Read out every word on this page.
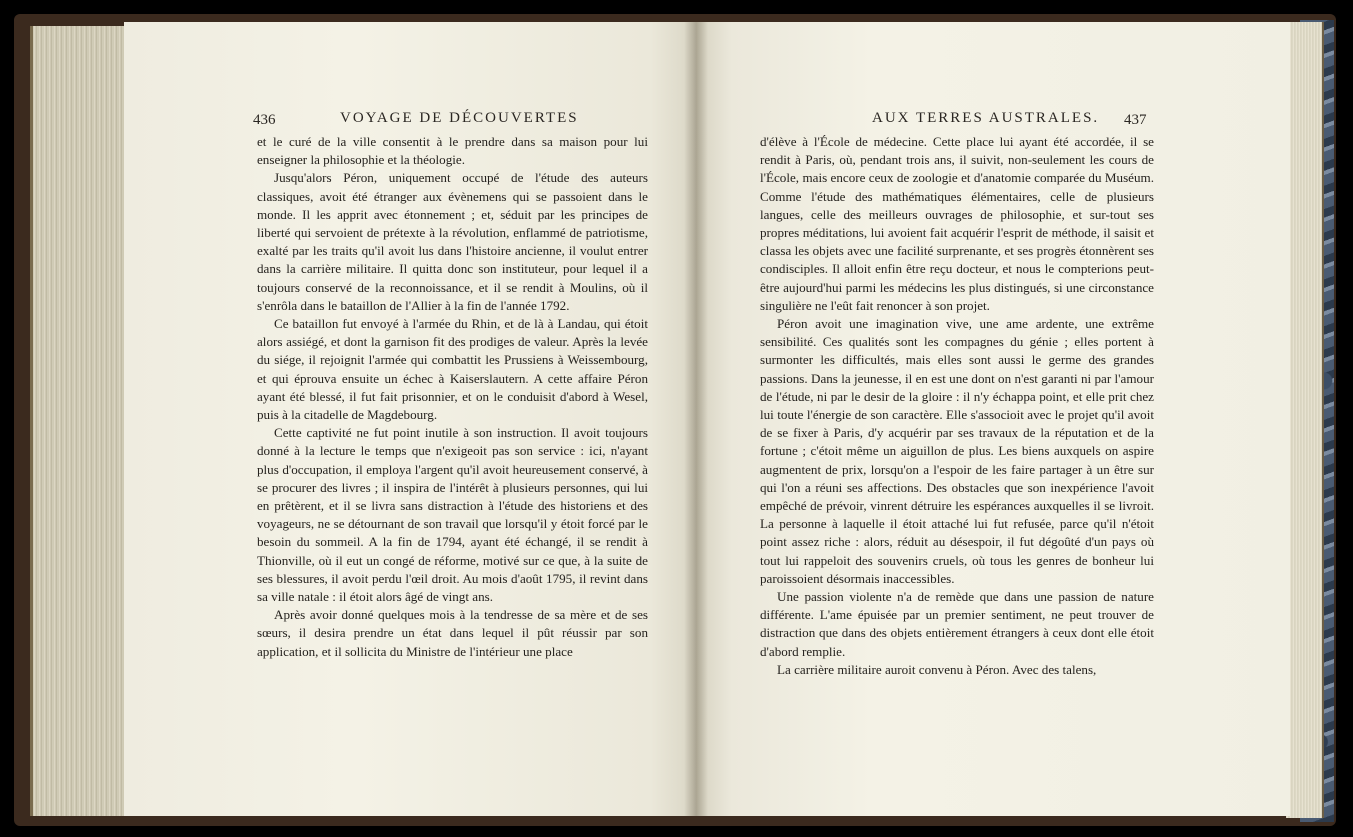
436	VOYAGE DE DÉCOUVERTES

et le curé de la ville consentit à le prendre dans sa maison pour lui enseigner la philosophie et la théologie.

Jusqu'alors Péron, uniquement occupé de l'étude des auteurs classiques, avoit été étranger aux évènemens qui se passoient dans le monde. Il les apprit avec étonnement ; et, séduit par les principes de liberté qui servoient de prétexte à la révolution, enflammé de patriotisme, exalté par les traits qu'il avoit lus dans l'histoire ancienne, il voulut entrer dans la carrière militaire. Il quitta donc son instituteur, pour lequel il a toujours conservé de la reconnoissance, et il se rendit à Moulins, où il s'enrôla dans le bataillon de l'Allier à la fin de l'année 1792.

Ce bataillon fut envoyé à l'armée du Rhin, et de là à Landau, qui étoit alors assiégé, et dont la garnison fit des prodiges de valeur. Après la levée du siége, il rejoignit l'armée qui combattit les Prussiens à Weissembourg, et qui éprouva ensuite un échec à Kaiserslautern. A cette affaire Péron ayant été blessé, il fut fait prisonnier, et on le conduisit d'abord à Wesel, puis à la citadelle de Magdebourg.

Cette captivité ne fut point inutile à son instruction. Il avoit toujours donné à la lecture le temps que n'exigeoit pas son service : ici, n'ayant plus d'occupation, il employa l'argent qu'il avoit heureusement conservé, à se procurer des livres ; il inspira de l'intérêt à plusieurs personnes, qui lui en prêtèrent, et il se livra sans distraction à l'étude des historiens et des voyageurs, ne se détournant de son travail que lorsqu'il y étoit forcé par le besoin du sommeil. A la fin de 1794, ayant été échangé, il se rendit à Thionville, où il eut un congé de réforme, motivé sur ce que, à la suite de ses blessures, il avoit perdu l'œil droit. Au mois d'août 1795, il revint dans sa ville natale : il étoit alors âgé de vingt ans.

Après avoir donné quelques mois à la tendresse de sa mère et de ses sœurs, il desira prendre un état dans lequel il pût réussir par son application, et il sollicita du Ministre de l'intérieur une place

AUX TERRES AUSTRALES. 437

d'élève à l'École de médecine. Cette place lui ayant été accordée, il se rendit à Paris, où, pendant trois ans, il suivit, non-seulement les cours de l'École, mais encore ceux de zoologie et d'anatomie comparée du Muséum. Comme l'étude des mathématiques élémentaires, celle de plusieurs langues, celle des meilleurs ouvrages de philosophie, et sur-tout ses propres méditations, lui avoient fait acquérir l'esprit de méthode, il saisit et classa les objets avec une facilité surprenante, et ses progrès étonnèrent ses condisciples. Il alloit enfin être reçu docteur, et nous le compterions peut-être aujourd'hui parmi les médecins les plus distingués, si une circonstance singulière ne l'eût fait renoncer à son projet.

Péron avoit une imagination vive, une ame ardente, une extrême sensibilité. Ces qualités sont les compagnes du génie ; elles portent à surmonter les difficultés, mais elles sont aussi le germe des grandes passions. Dans la jeunesse, il en est une dont on n'est garanti ni par l'amour de l'étude, ni par le desir de la gloire : il n'y échappa point, et elle prit chez lui toute l'énergie de son caractère. Elle s'associoit avec le projet qu'il avoit de se fixer à Paris, d'y acquérir par ses travaux de la réputation et de la fortune ; c'étoit même un aiguillon de plus. Les biens auxquels on aspire augmentent de prix, lorsqu'on a l'espoir de les faire partager à un être sur qui l'on a réuni ses affections. Des obstacles que son inexpérience l'avoit empêché de prévoir, vinrent détruire les espérances auxquelles il se livroit. La personne à laquelle il étoit attaché lui fut refusée, parce qu'il n'étoit point assez riche : alors, réduit au désespoir, il fut dégoûté d'un pays où tout lui rappeloit des souvenirs cruels, où tous les genres de bonheur lui paroissoient désormais inaccessibles.

Une passion violente n'a de remède que dans une passion de nature différente. L'ame épuisée par un premier sentiment, ne peut trouver de distraction que dans des objets entièrement étrangers à ceux dont elle étoit d'abord remplie.

La carrière militaire auroit convenu à Péron. Avec des talens,
